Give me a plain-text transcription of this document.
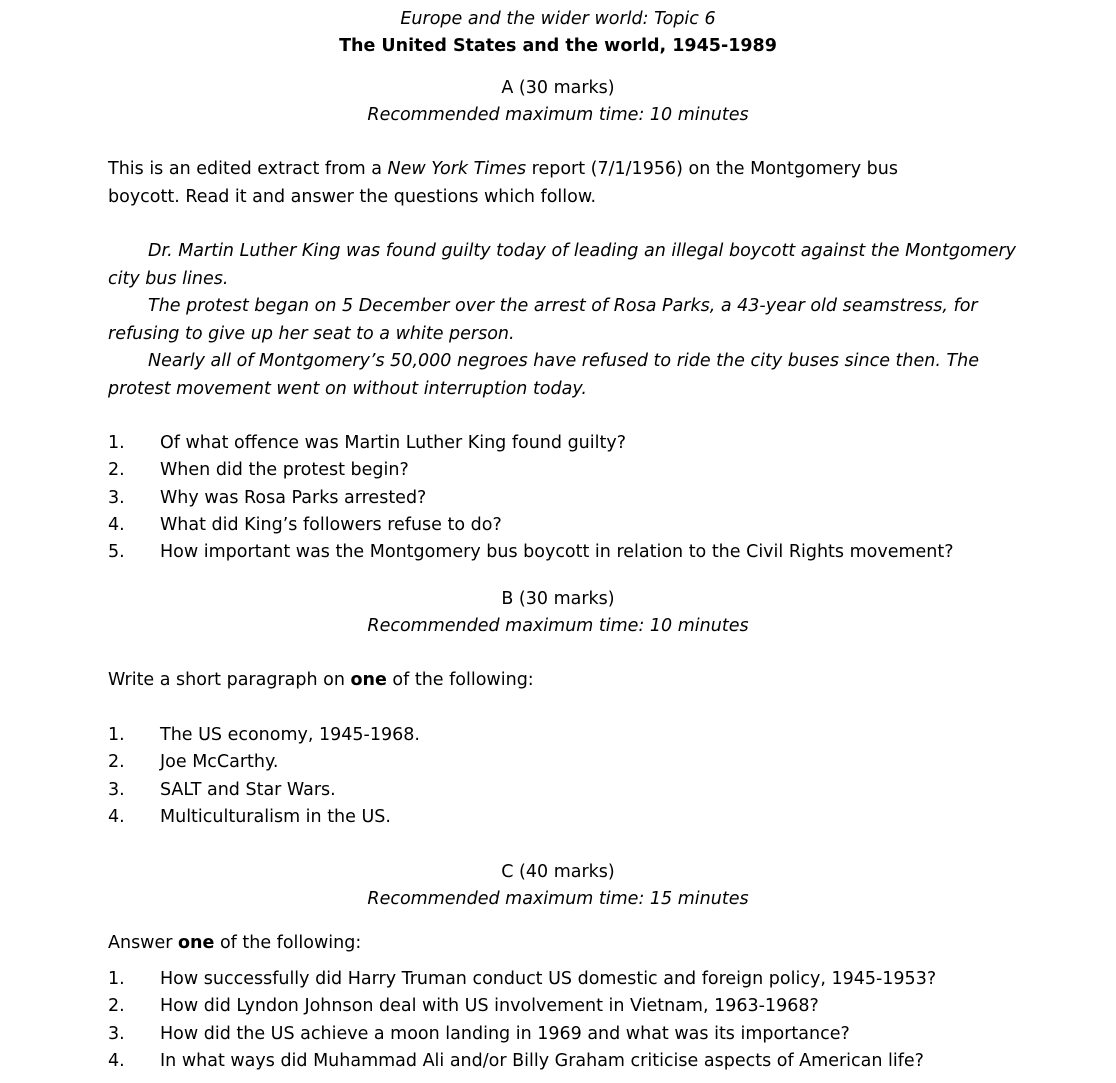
Europe and the wider world: Topic 6
The United States and the world, 1945-1989
A (30 marks)
Recommended maximum time: 10 minutes
This is an edited extract from a New York Times report (7/1/1956) on the Montgomery bus
boycott. Read it and answer the questions which follow.
Dr. Martin Luther King was found guilty today of leading an illegal boycott against the Montgomery city bus lines.
The protest began on 5 December over the arrest of Rosa Parks, a 43-year old seamstress, for refusing to give up her seat to a white person.
Nearly all of Montgomery’s 50,000 negroes have refused to ride the city buses since then. The protest movement went on without interruption today.
1.	Of what offence was Martin Luther King found guilty?
2.	When did the protest begin?
3.	Why was Rosa Parks arrested?
4.	What did King’s followers refuse to do?
5.	How important was the Montgomery bus boycott in relation to the Civil Rights movement?
B (30 marks)
Recommended maximum time: 10 minutes
Write a short paragraph on one of the following:
1.	The US economy, 1945-1968.
2.	Joe McCarthy.
3.	SALT and Star Wars.
4.	Multiculturalism in the US.
C (40 marks)
Recommended maximum time: 15 minutes
Answer one of the following:
1.	How successfully did Harry Truman conduct US domestic and foreign policy, 1945-1953?
2.	How did Lyndon Johnson deal with US involvement in Vietnam, 1963-1968?
3.	How did the US achieve a moon landing in 1969 and what was its importance?
4.	In what ways did Muhammad Ali and/or Billy Graham criticise aspects of American life?
